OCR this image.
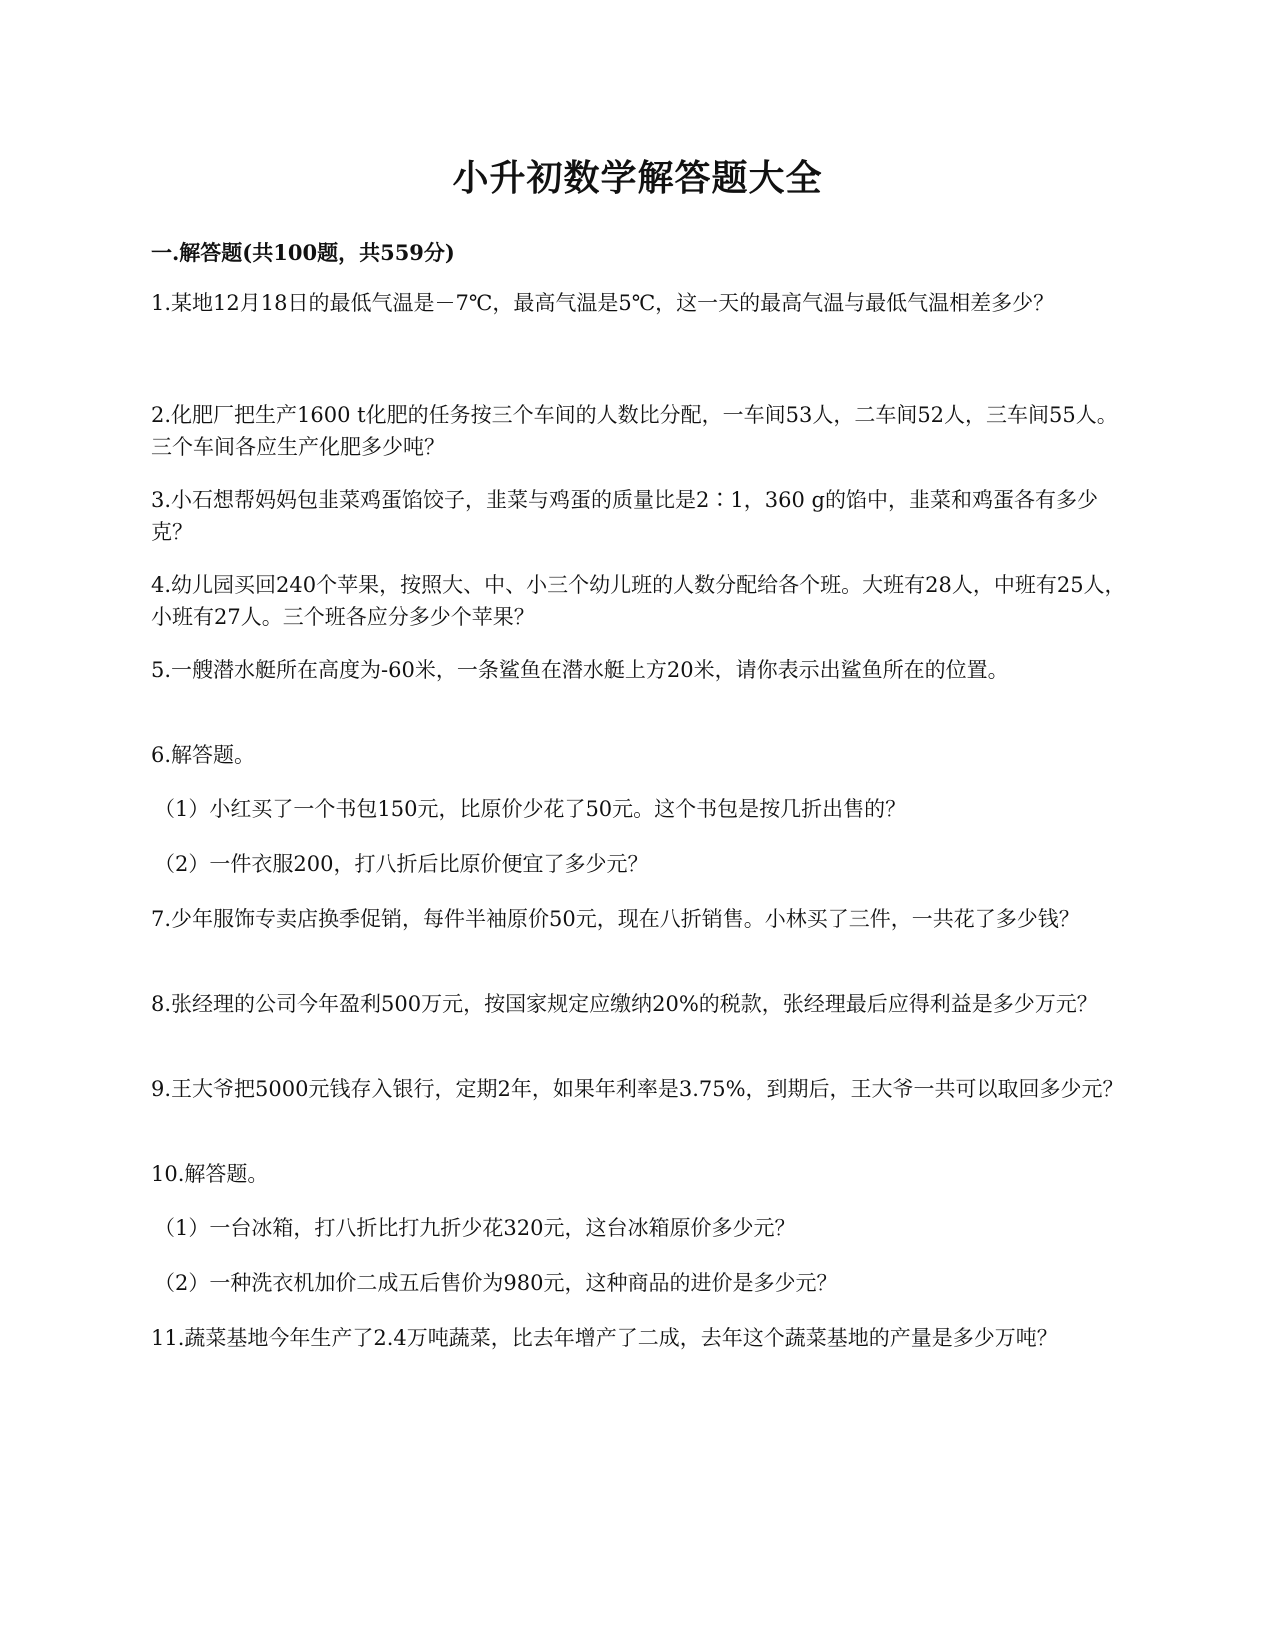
小升初数学解答题大全
一.解答题(共100题，共559分)

1.某地12月18日的最低气温是－7℃，最高气温是5℃，这一天的最高气温与最低气温相差多少？

2.化肥厂把生产1600 t化肥的任务按三个车间的人数比分配，一车间53人，二车间52人，三车间55人。三个车间各应生产化肥多少吨？

3.小石想帮妈妈包韭菜鸡蛋馅饺子，韭菜与鸡蛋的质量比是2∶1，360 g的馅中，韭菜和鸡蛋各有多少克？

4.幼儿园买回240个苹果，按照大、中、小三个幼儿班的人数分配给各个班。大班有28人，中班有25人，小班有27人。三个班各应分多少个苹果？

5.一艘潜水艇所在高度为-60米，一条鲨鱼在潜水艇上方20米，请你表示出鲨鱼所在的位置。

6.解答题。

（1）小红买了一个书包150元，比原价少花了50元。这个书包是按几折出售的？

（2）一件衣服200，打八折后比原价便宜了多少元？

7.少年服饰专卖店换季促销，每件半袖原价50元，现在八折销售。小林买了三件，一共花了多少钱？

8.张经理的公司今年盈利500万元，按国家规定应缴纳20%的税款，张经理最后应得利益是多少万元？

9.王大爷把5000元钱存入银行，定期2年，如果年利率是3.75%，到期后，王大爷一共可以取回多少元？

10.解答题。

（1）一台冰箱，打八折比打九折少花320元，这台冰箱原价多少元？

（2）一种洗衣机加价二成五后售价为980元，这种商品的进价是多少元？

11.蔬菜基地今年生产了2.4万吨蔬菜，比去年增产了二成，去年这个蔬菜基地的产量是多少万吨？
